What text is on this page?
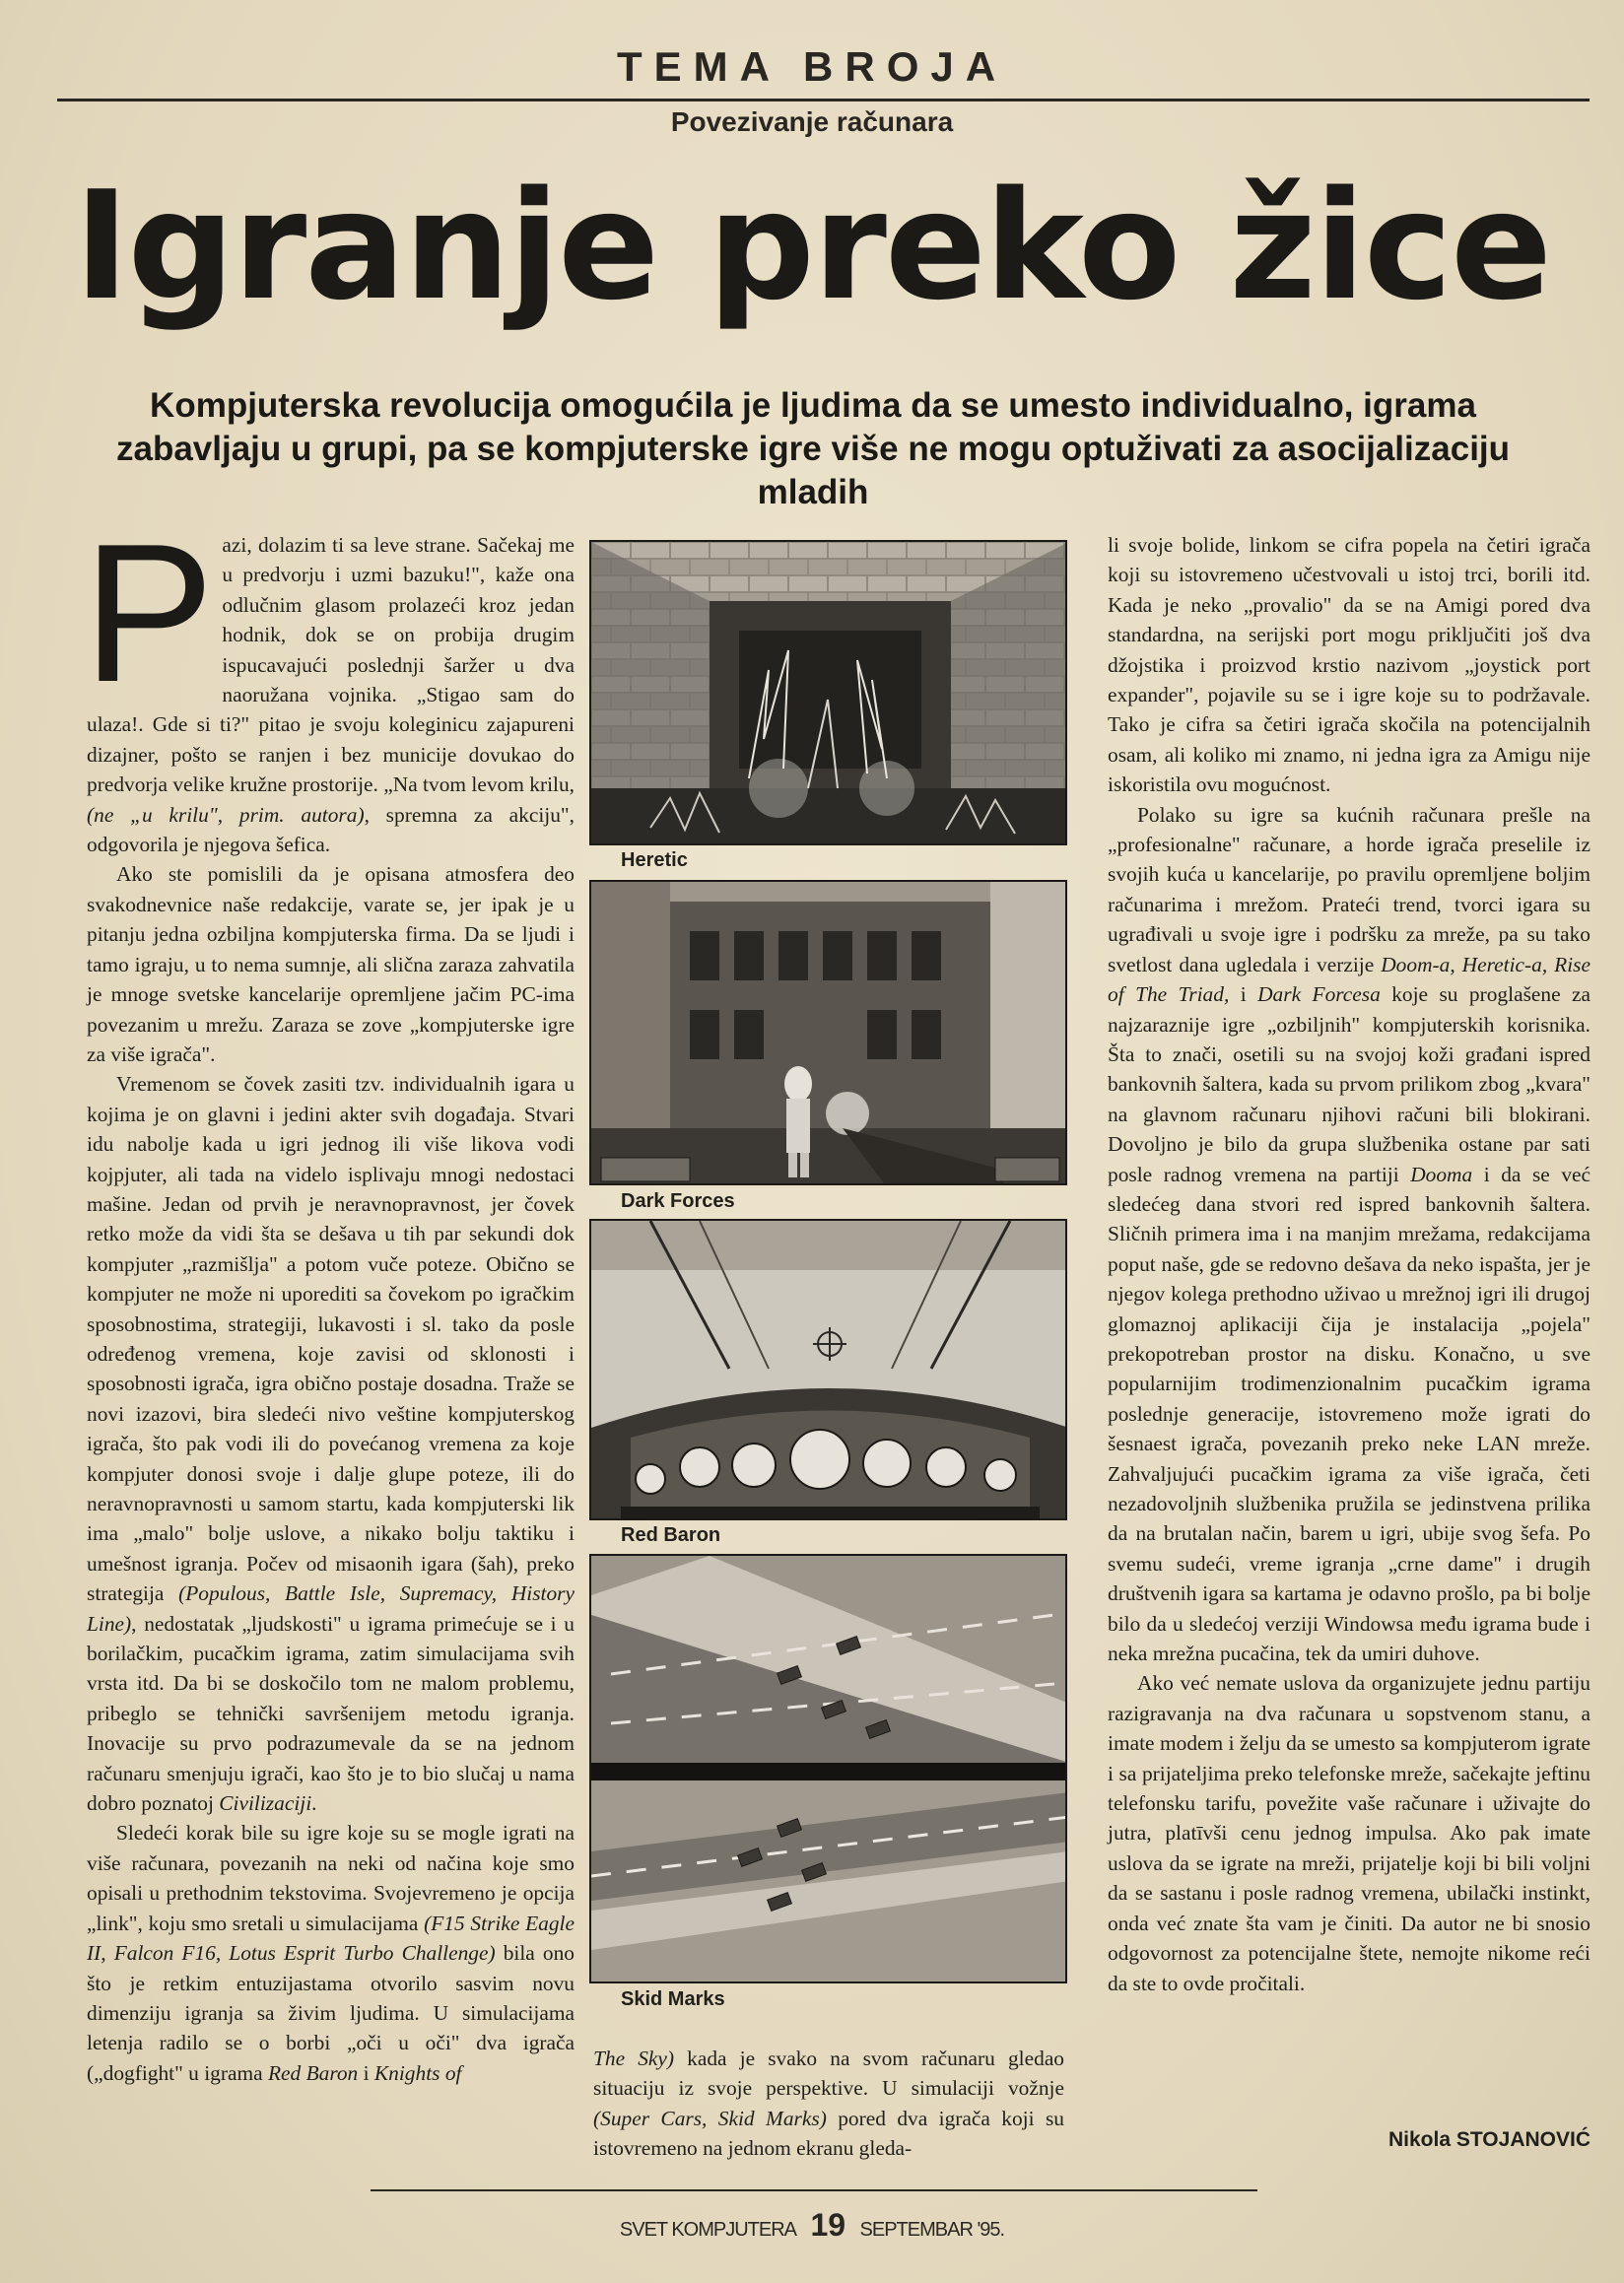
TEMA BROJA
Povezivanje računara
Igranje preko žice
Kompjuterska revolucija omogućila je ljudima da se umesto individualno, igrama zabavljaju u grupi, pa se kompjuterske igre više ne mogu optuživati za asocijalizaciju mladih

Pazi, dolazim ti sa leve strane. Sačekaj me u predvorju i uzmi bazuku!", kaže ona odlučnim glasom prolazeći kroz jedan hodnik, dok se on probija drugim ispucavajući poslednji šaržer u dva naoružana vojnika. „Stigao sam do ulaza!. Gde si ti?" pitao je svoju koleginicu zajapureni dizajner, pošto se ranjen i bez municije dovukao do predvorja velike kružne prostorije. „Na tvom levom krilu, (ne „u krilu", prim. autora), spremna za akciju", odgovorila je njegova šefica.

Ako ste pomislili da je opisana atmosfera deo svakodnevnice naše redakcije, varate se, jer ipak je u pitanju jedna ozbiljna kompjuterska firma. Da se ljudi i tamo igraju, u to nema sumnje, ali slična zaraza zahvatila je mnoge svetske kancelarije opremljene jačim PC-ima povezanim u mrežu. Zaraza se zove „kompjuterske igre za više igrača".

Vremenom se čovek zasiti tzv. individualnih igara u kojima je on glavni i jedini akter svih događaja. Stvari idu nabolje kada u igri jednog ili više likova vodi kojpjuter, ali tada na videlo isplivaju mnogi nedostaci mašine. Jedan od prvih je neravnopravnost, jer čovek retko može da vidi šta se dešava u tih par sekundi dok kompjuter „razmišlja" a potom vuče poteze. Obično se kompjuter ne može ni uporediti sa čovekom po igračkim sposobnostima, strategiji, lukavosti i sl. tako da posle određenog vremena, koje zavisi od sklonosti i sposobnosti igrača, igra obično postaje dosadna. Traže se novi izazovi, bira sledeći nivo veštine kompjuterskog igrača, što pak vodi ili do povećanog vremena za koje kompjuter donosi svoje i dalje glupe poteze, ili do neravnopravnosti u samom startu, kada kompjuterski lik ima „malo" bolje uslove, a nikako bolju taktiku i umešnost igranja. Počev od misaonih igara (šah), preko strategija (Populous, Battle Isle, Supremacy, History Line), nedostatak „ljudskosti" u igrama primećuje se i u borilačkim, pucačkim igrama, zatim simulacijama svih vrsta itd. Da bi se doskočilo tom ne malom problemu, pribeglo se tehnički savršenijem metodu igranja. Inovacije su prvo podrazumevale da se na jednom računaru smenjuju igrači, kao što je to bio slučaj u nama dobro poznatoj Civilizaciji.

Sledeći korak bile su igre koje su se mogle igrati na više računara, povezanih na neki od načina koje smo opisali u prethodnim tekstovima. Svojevremeno je opcija „link", koju smo sretali u simulacijama (F15 Strike Eagle II, Falcon F16, Lotus Esprit Turbo Challenge) bila ono što je retkim entuzijastama otvorilo sasvim novu dimenziju igranja sa živim ljudima. U simulacijama letenja radilo se o borbi „oči u oči" dva igrača („dogfight" u igrama Red Baron i Knights of

Heretic
Dark Forces
Red Baron
Skid Marks

The Sky) kada je svako na svom računaru gledao situaciju iz svoje perspektive. U simulaciji vožnje (Super Cars, Skid Marks) pored dva igrača koji su istovremeno na jednom ekranu gleda-

li svoje bolide, linkom se cifra popela na četiri igrača koji su istovremeno učestvovali u istoj trci, borili itd. Kada je neko „provalio" da se na Amigi pored dva standardna, na serijski port mogu priključiti još dva džojstika i proizvod krstio nazivom „joystick port expander", pojavile su se i igre koje su to podržavale. Tako je cifra sa četiri igrača skočila na potencijalnih osam, ali koliko mi znamo, ni jedna igra za Amigu nije iskoristila ovu mogućnost.

Polako su igre sa kućnih računara prešle na „profesionalne" računare, a horde igrača preselile iz svojih kuća u kancelarije, po pravilu opremljene boljim računarima i mrežom. Prateći trend, tvorci igara su ugrađivali u svoje igre i podršku za mreže, pa su tako svetlost dana ugledala i verzije Doom-a, Heretic-a, Rise of The Triad, i Dark Forcesa koje su proglašene za najzaraznije igre „ozbiljnih" kompjuterskih korisnika. Šta to znači, osetili su na svojoj koži građani ispred bankovnih šaltera, kada su prvom prilikom zbog „kvara" na glavnom računaru njihovi računi bili blokirani. Dovoljno je bilo da grupa službenika ostane par sati posle radnog vremena na partiji Dooma i da se već sledećeg dana stvori red ispred bankovnih šaltera. Sličnih primera ima i na manjim mrežama, redakcijama poput naše, gde se redovno dešava da neko ispašta, jer je njegov kolega prethodno uživao u mrežnoj igri ili drugoj glomaznoj aplikaciji čija je instalacija „pojela" prekopotreban prostor na disku. Konačno, u sve popularnijim trodimenzionalnim pucačkim igrama poslednje generacije, istovremeno može igrati do šesnaest igrača, povezanih preko neke LAN mreže. Zahvaljujući pucačkim igrama za više igrača, četi nezadovoljnih službenika pružila se jedinstvena prilika da na brutalan način, barem u igri, ubije svog šefa. Po svemu sudeći, vreme igranja „crne dame" i drugih društvenih igara sa kartama je odavno prošlo, pa bi bolje bilo da u sledećoj verziji Windowsa među igrama bude i neka mrežna pucačina, tek da umiri duhove.

Ako već nemate uslova da organizujete jednu partiju razigravanja na dva računara u sopstvenom stanu, a imate modem i želju da se umesto sa kompjuterom igrate i sa prijateljima preko telefonske mreže, sačekajte jeftinu telefonsku tarifu, povežite vaše računare i uživajte do jutra, platīvši cenu jednog impulsa. Ako pak imate uslova da se igrate na mreži, prijatelje koji bi bili voljni da se sastanu i posle radnog vremena, ubilački instinkt, onda već znate šta vam je činiti. Da autor ne bi snosio odgovornost za potencijalne štete, nemojte nikome reći da ste to ovde pročitali.

Nikola STOJANOVIĆ
SVET KOMPJUTERA 19 SEPTEMBAR '95.
